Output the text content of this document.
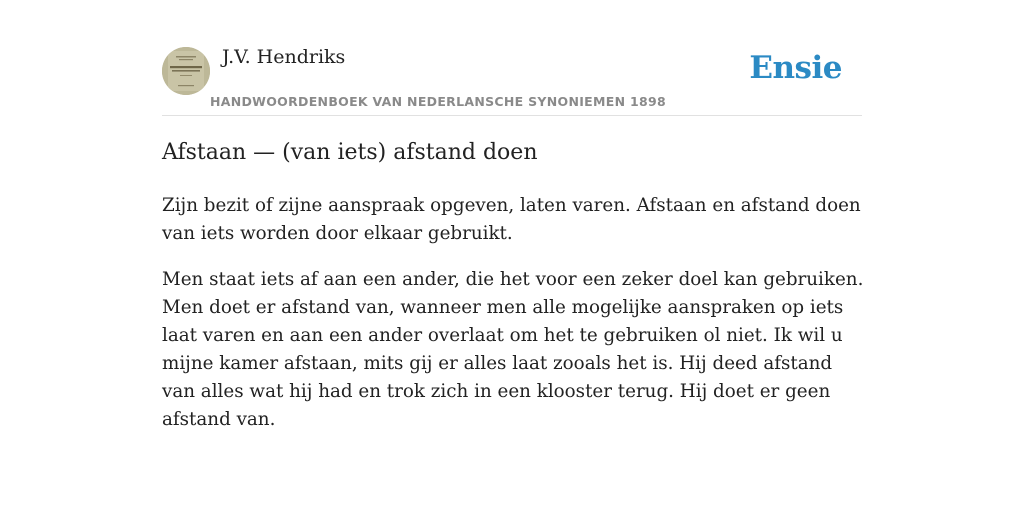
J.V. Hendriks
HANDWOORDENBOEK VAN NEDERLANSCHE SYNONIEMEN 1898
Ensie
Afstaan — (van iets) afstand doen

Zijn bezit of zijne aanspraak opgeven, laten varen. Afstaan en afstand doen van iets worden door elkaar gebruikt.

Men staat iets af aan een ander, die het voor een zeker doel kan gebruiken. Men doet er afstand van, wanneer men alle mogelijke aanspraken op iets laat varen en aan een ander overlaat om het te gebruiken ol niet. Ik wil u mijne kamer afstaan, mits gij er alles laat zooals het is. Hij deed afstand van alles wat hij had en trok zich in een klooster terug. Hij doet er geen afstand van.
